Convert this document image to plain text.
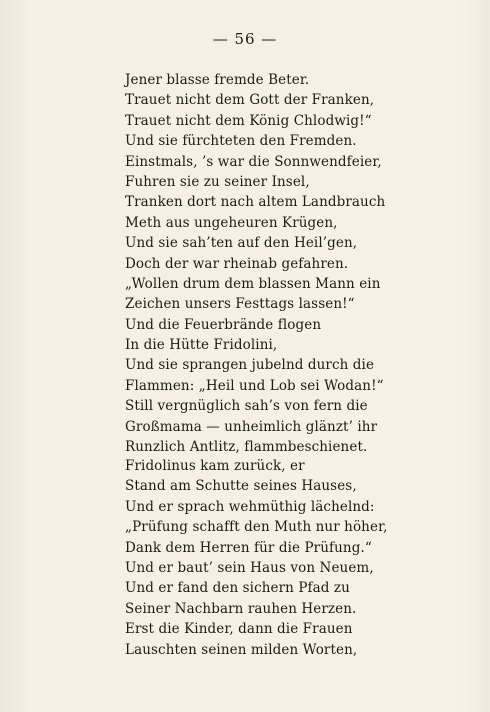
— 56 —
Jener blasse fremde Beter.
Trauet nicht dem Gott der Franken,
Trauet nicht dem König Chlodwig!“
Und sie fürchteten den Fremden.
Einstmals, ’s war die Sonnwendfeier,
Fuhren sie zu seiner Insel,
Tranken dort nach altem Landbrauch
Meth aus ungeheuren Krügen,
Und sie sah’ten auf den Heil’gen,
Doch der war rheinab gefahren.
„Wollen drum dem blassen Mann ein
Zeichen unsers Festtags lassen!“
Und die Feuerbrände flogen
In die Hütte Fridolini,
Und sie sprangen jubelnd durch die
Flammen: „Heil und Lob sei Wodan!“
Still vergnüglich sah’s von fern die
Großmama — unheimlich glänzt’ ihr
Runzlich Antlitz, flammbeschienet.
Fridolinus kam zurück, er
Stand am Schutte seines Hauses,
Und er sprach wehmüthig lächelnd:
„Prüfung schafft den Muth nur höher,
Dank dem Herren für die Prüfung.“
Und er baut’ sein Haus von Neuem,
Und er fand den sichern Pfad zu
Seiner Nachbarn rauhen Herzen.
Erst die Kinder, dann die Frauen
Lauschten seinen milden Worten,
